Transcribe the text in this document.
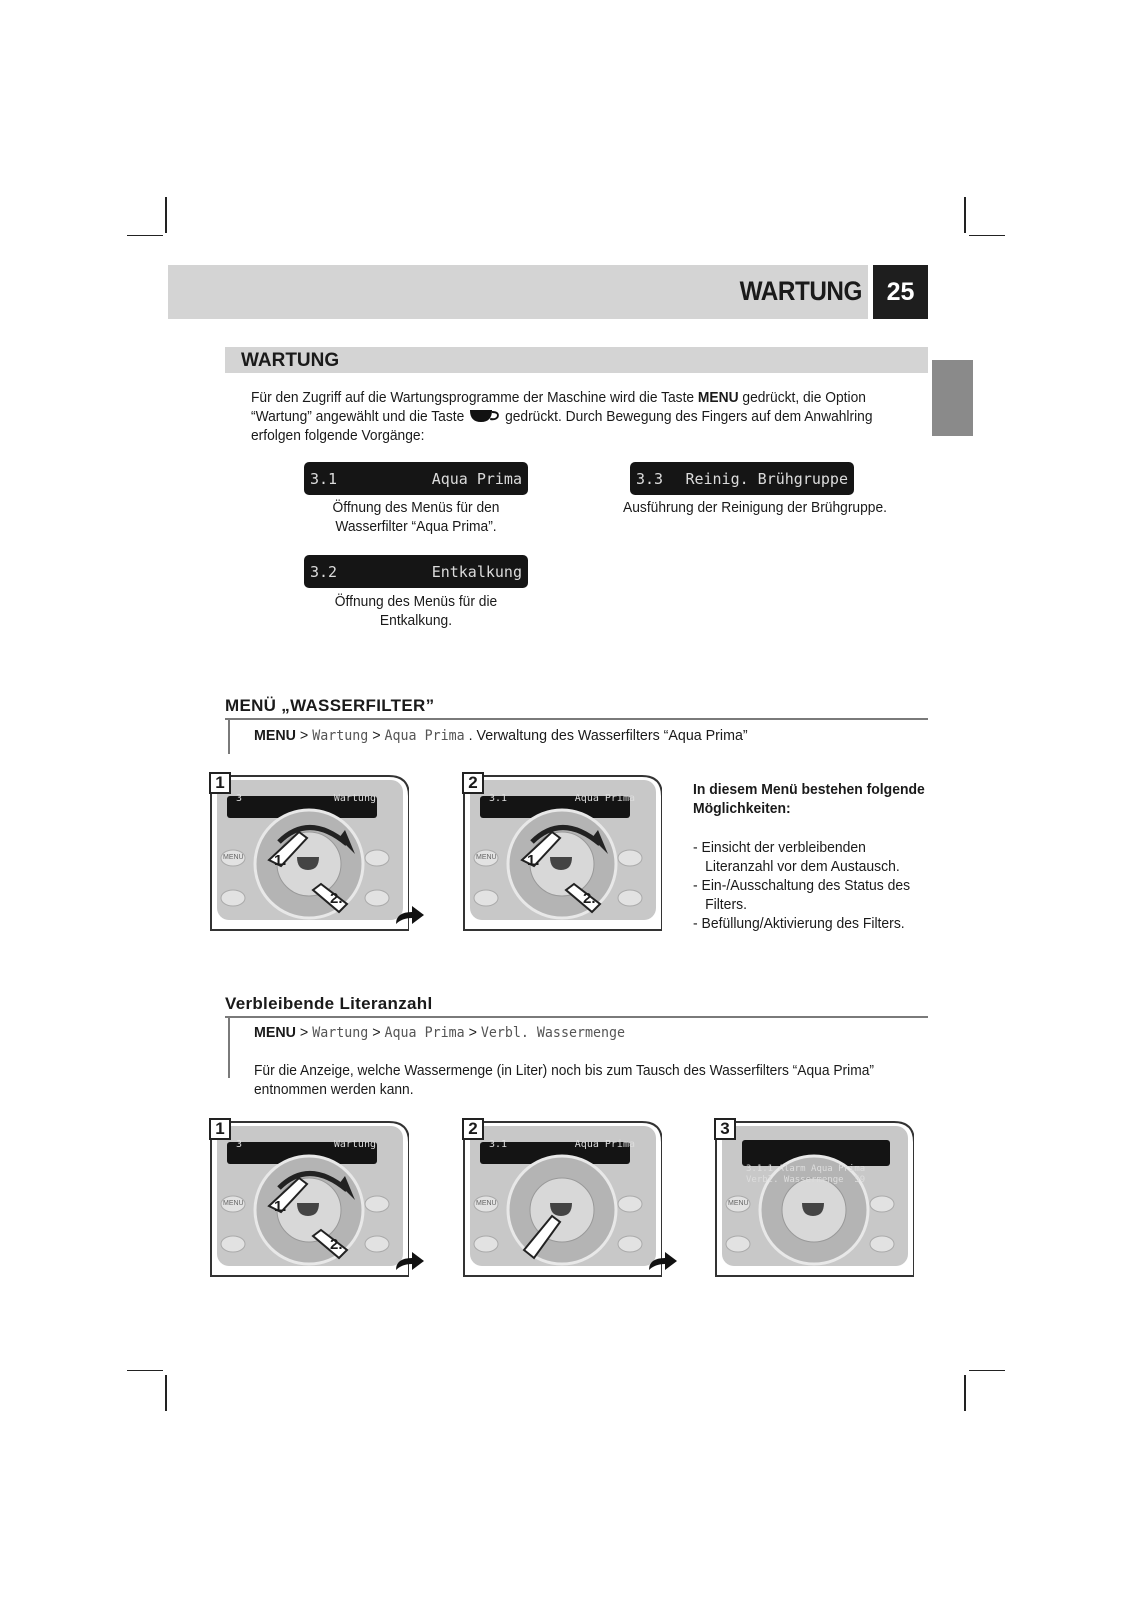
WARTUNG 25
WARTUNG
Für den Zugriff auf die Wartungsprogramme der Maschine wird die Taste MENU gedrückt, die Option
“Wartung” angewählt und die Taste	gedrückt. Durch Bewegung des Fingers auf dem Anwahlring
erfolgen folgende Vorgänge:
3.1	Aqua Prima
Öffnung des Menüs für den
Wasserfilter “Aqua Prima”.
3.2	Entkalkung
Öffnung des Menüs für die
Entkalkung.
3.3 Reinig. Brühgruppe
Ausführung der Reinigung der Brühgruppe.
MENÜ „WASSERFILTER”
MENU > Wartung > Aqua Prima . Verwaltung des Wasserfilters “Aqua Prima”
1
3	Wartung
MENU 1.
2.
2
3.1	Aqua Prima
MENU 1.
2.
In diesem Menü bestehen folgende
Möglichkeiten:
- Einsicht der verbleibenden
Literanzahl vor dem Austausch.
- Ein-/Ausschaltung des Status des
Filters.
- Befüllung/Aktivierung des Filters.
Verbleibende Literanzahl
MENU > Wartung > Aqua Prima > Verbl. Wassermenge
Für die Anzeige, welche Wassermenge (in Liter) noch bis zum Tausch des Wasserfilters “Aqua Prima”
entnommen werden kann.
1
3	Wartung
MENU 1.
2.
2
3.1	Aqua Prima
MENU
3

3.1.1 Alarm Aqua Prima
Verbl. Wassermenge  59

MENU
